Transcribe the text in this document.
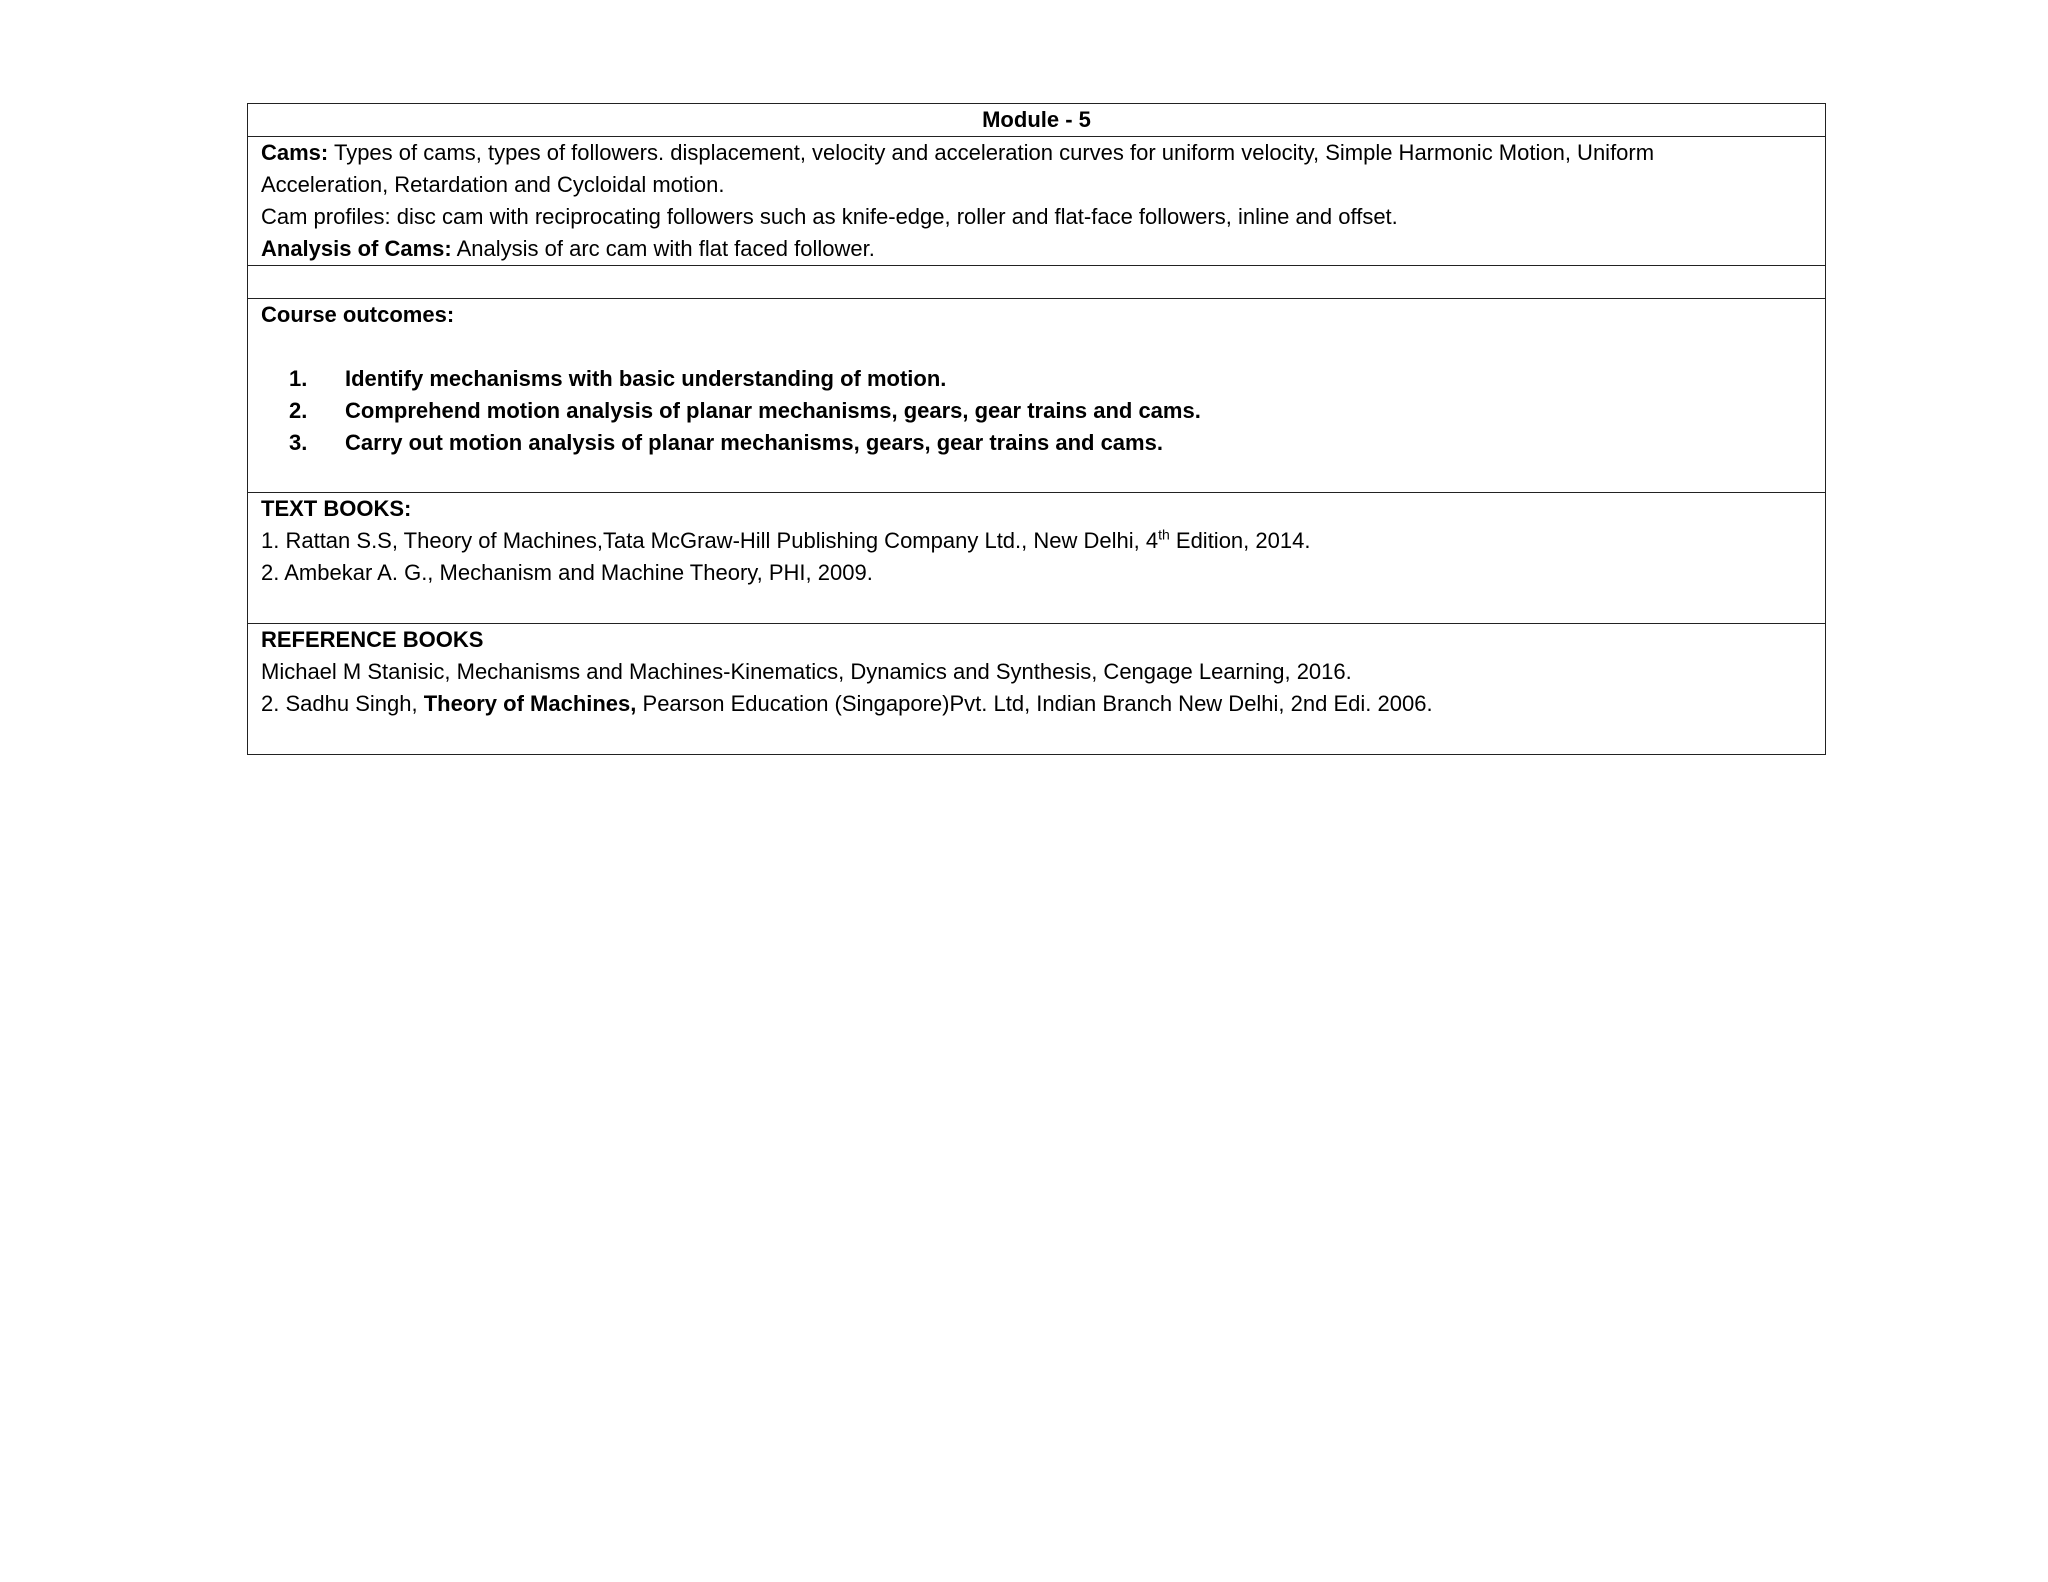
Module - 5

Cams: Types of cams, types of followers. displacement, velocity and acceleration curves for uniform velocity, Simple Harmonic Motion, Uniform
Acceleration, Retardation and Cycloidal motion.
Cam profiles: disc cam with reciprocating followers such as knife-edge, roller and flat-face followers, inline and offset.
Analysis of Cams: Analysis of arc cam with flat faced follower.

Course outcomes:
1.	Identify mechanisms with basic understanding of motion.
2.	Comprehend motion analysis of planar mechanisms, gears, gear trains and cams.
3.	Carry out motion analysis of planar mechanisms, gears, gear trains and cams.

TEXT BOOKS:
1. Rattan S.S, Theory of Machines,Tata McGraw-Hill Publishing Company Ltd., New Delhi, 4th Edition, 2014.
2. Ambekar A. G., Mechanism and Machine Theory, PHI, 2009.

REFERENCE BOOKS
Michael M Stanisic, Mechanisms and Machines-Kinematics, Dynamics and Synthesis, Cengage Learning, 2016.
2. Sadhu Singh, Theory of Machines, Pearson Education (Singapore)Pvt. Ltd, Indian Branch New Delhi, 2nd Edi. 2006.
